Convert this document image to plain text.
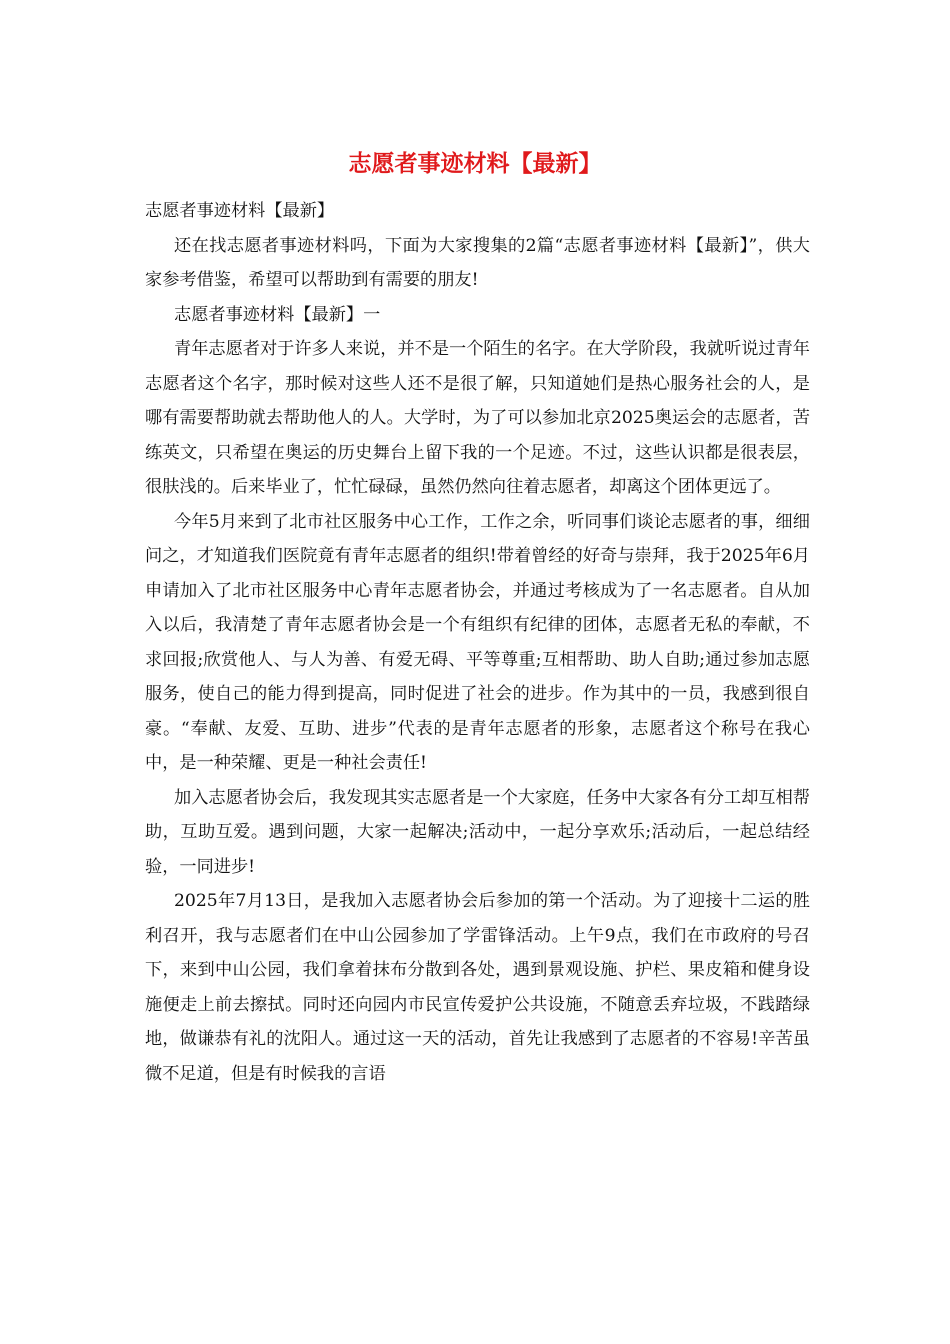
志愿者事迹材料【最新】

志愿者事迹材料【最新】

还在找志愿者事迹材料吗，下面为大家搜集的2篇“志愿者事迹材料【最新】”，供大家参考借鉴，希望可以帮助到有需要的朋友!

志愿者事迹材料【最新】一

青年志愿者对于许多人来说，并不是一个陌生的名字。在大学阶段，我就听说过青年志愿者这个名字，那时候对这些人还不是很了解，只知道她们是热心服务社会的人，是哪有需要帮助就去帮助他人的人。大学时，为了可以参加北京2025奥运会的志愿者，苦练英文，只希望在奥运的历史舞台上留下我的一个足迹。不过，这些认识都是很表层，很肤浅的。后来毕业了，忙忙碌碌，虽然仍然向往着志愿者，却离这个团体更远了。

今年5月来到了北市社区服务中心工作，工作之余，听同事们谈论志愿者的事，细细问之，才知道我们医院竟有青年志愿者的组织!带着曾经的好奇与崇拜，我于2025年6月申请加入了北市社区服务中心青年志愿者协会，并通过考核成为了一名志愿者。自从加入以后，我清楚了青年志愿者协会是一个有组织有纪律的团体，志愿者无私的奉献，不求回报;欣赏他人、与人为善、有爱无碍、平等尊重;互相帮助、助人自助;通过参加志愿服务，使自己的能力得到提高，同时促进了社会的进步。作为其中的一员，我感到很自豪。“奉献、友爱、互助、进步”代表的是青年志愿者的形象，志愿者这个称号在我心中，是一种荣耀、更是一种社会责任!

加入志愿者协会后，我发现其实志愿者是一个大家庭，任务中大家各有分工却互相帮助，互助互爱。遇到问题，大家一起解决;活动中，一起分享欢乐;活动后，一起总结经验，一同进步!

2025年7月13日，是我加入志愿者协会后参加的第一个活动。为了迎接十二运的胜利召开，我与志愿者们在中山公园参加了学雷锋活动。上午9点，我们在市政府的号召下，来到中山公园，我们拿着抹布分散到各处，遇到景观设施、护栏、果皮箱和健身设施便走上前去擦拭。同时还向园内市民宣传爱护公共设施，不随意丢弃垃圾，不践踏绿地，做谦恭有礼的沈阳人。通过这一天的活动，首先让我感到了志愿者的不容易!辛苦虽微不足道，但是有时候我的言语
